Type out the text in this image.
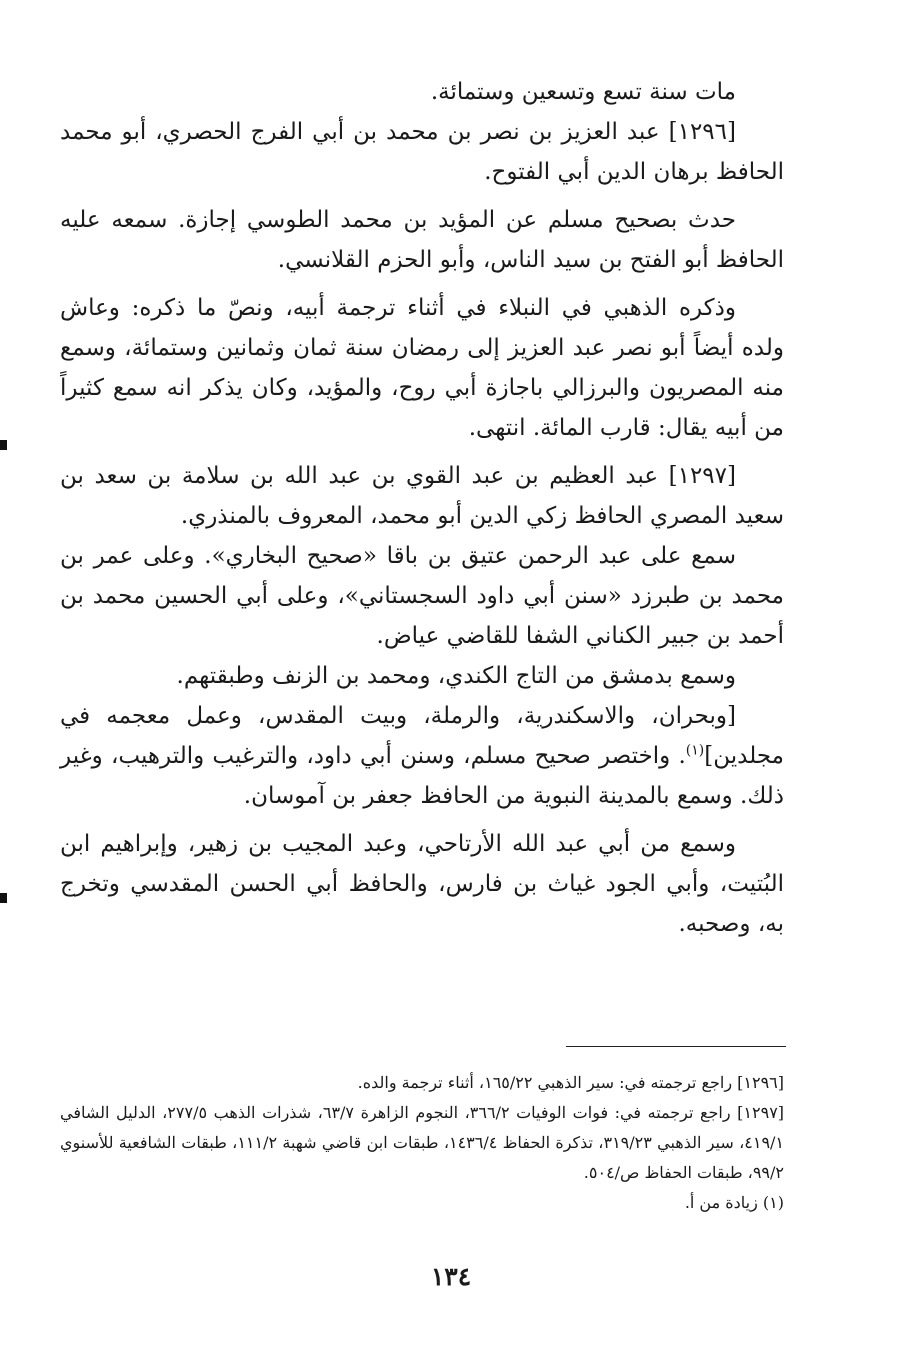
مات سنة تسع وتسعين وستمائة.

[١٢٩٦] عبد العزيز بن نصر بن محمد بن أبي الفرج الحصري، أبو محمد الحافظ برهان الدين أبي الفتوح.

حدث بصحيح مسلم عن المؤيد بن محمد الطوسي إجازة. سمعه عليه الحافظ أبو الفتح بن سيد الناس، وأبو الحزم القلانسي.

وذكره الذهبي في النبلاء في أثناء ترجمة أبيه، ونصّ ما ذكره: وعاش ولده أيضاً أبو نصر عبد العزيز إلى رمضان سنة ثمان وثمانين وستمائة، وسمع منه المصريون والبرزالي باجازة أبي روح، والمؤيد، وكان يذكر انه سمع كثيراً من أبيه يقال: قارب المائة. انتهى.

[١٢٩٧] عبد العظيم بن عبد القوي بن عبد الله بن سلامة بن سعد بن سعيد المصري الحافظ زكي الدين أبو محمد، المعروف بالمنذري.

سمع على عبد الرحمن عتيق بن باقا «صحيح البخاري». وعلى عمر بن محمد بن طبرزد «سنن أبي داود السجستاني»، وعلى أبي الحسين محمد بن أحمد بن جبير الكناني الشفا للقاضي عياض.

وسمع بدمشق من التاج الكندي، ومحمد بن الزنف وطبقتهم.

[وبحران، والاسكندرية، والرملة، وبيت المقدس، وعمل معجمه في مجلدين]$^{(١)}$. واختصر صحيح مسلم، وسنن أبي داود، والترغيب والترهيب، وغير ذلك. وسمع بالمدينة النبوية من الحافظ جعفر بن آموسان.

وسمع من أبي عبد الله الأرتاحي، وعبد المجيب بن زهير، وإبراهيم ابن البُتيت، وأبي الجود غياث بن فارس، والحافظ أبي الحسن المقدسي وتخرج به، وصحبه.

[١٢٩٦] راجع ترجمته في: سير الذهبي ١٦٥/٢٢، أثناء ترجمة والده.

[١٢٩٧] راجع ترجمته في: فوات الوفيات ٣٦٦/٢، النجوم الزاهرة ٦٣/٧، شذرات الذهب ٢٧٧/٥، الدليل الشافي ٤١٩/١، سير الذهبي ٣١٩/٢٣، تذكرة الحفاظ ١٤٣٦/٤، طبقات ابن قاضي شهبة ١١١/٢، طبقات الشافعية للأسنوي ٩٩/٢، طبقات الحفاظ ص/٥٠٤.

(١) زيادة من أ.

١٣٤
